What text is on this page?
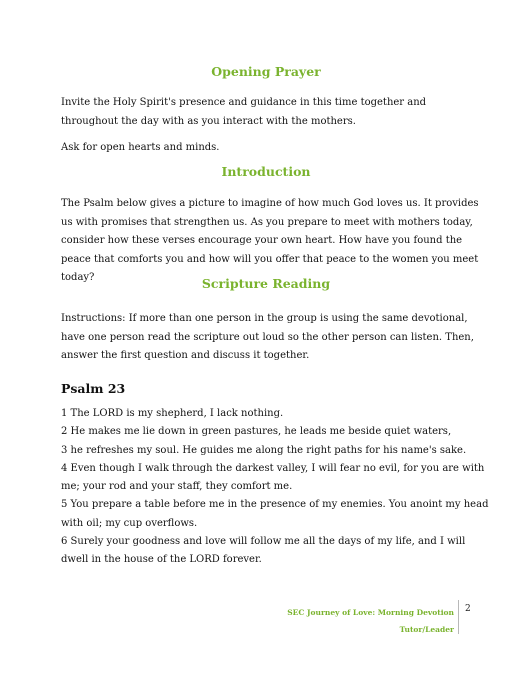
Opening Prayer

Invite the Holy Spirit's presence and guidance in this time together and throughout the day with as you interact with the mothers.

Ask for open hearts and minds.

Introduction

The Psalm below gives a picture to imagine of how much God loves us. It provides us with promises that strengthen us. As you prepare to meet with mothers today, consider how these verses encourage your own heart. How have you found the peace that comforts you and how will you offer that peace to the women you meet today?	Scripture Reading

Instructions: If more than one person in the group is using the same devotional, have one person read the scripture out loud so the other person can listen. Then, answer the first question and discuss it together.

Psalm 23

1 The LORD is my shepherd, I lack nothing.

2 He makes me lie down in green pastures, he leads me beside quiet waters,

3 he refreshes my soul. He guides me along the right paths for his name's sake.

4 Even though I walk through the darkest valley, I will fear no evil, for you are with me; your rod and your staff, they comfort me.

5 You prepare a table before me in the presence of my enemies. You anoint my head with oil; my cup overflows.

6 Surely your goodness and love will follow me all the days of my life, and I will dwell in the house of the LORD forever.

SEC Journey of Love: Morning Devotion
Tutor/Leader
2
